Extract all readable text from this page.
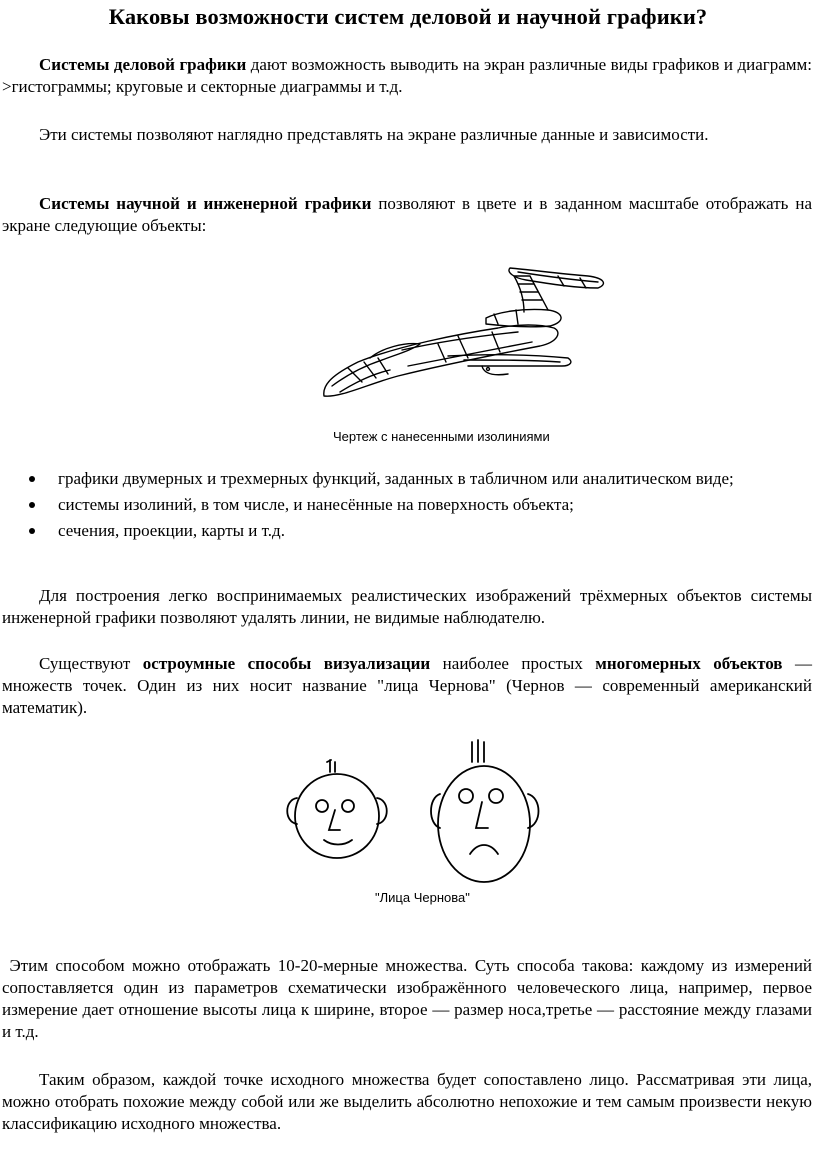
Каковы возможности систем деловой и научной графики?
Системы деловой графики дают возможность выводить на экран различные виды графиков и диаграмм: >гистограммы; круговые и секторные диаграммы и т.д.
Эти системы позволяют наглядно представлять на экране различные данные и зависимости.
Системы научной и инженерной графики позволяют в цвете и в заданном масштабе отображать на экране следующие объекты:
Чертеж с нанесенными изолиниями
графики двумерных и трехмерных функций, заданных в табличном или аналитическом виде;
системы изолиний, в том числе, и нанесённые на поверхность объекта;
сечения, проекции, карты и т.д.
Для построения легко воспринимаемых реалистических изображений трёхмерных объектов системы инженерной графики позволяют удалять линии, не видимые наблюдателю.
Существуют остроумные способы визуализации наиболее простых многомерных объектов — множеств точек. Один из них носит название "лица Чернова" (Чернов — современный американский математик).
"Лица Чернова"
Этим способом можно отображать 10-20-мерные множества. Суть способа такова: каждому из измерений сопоставляется один из параметров схематически изображённого человеческого лица, например, первое измерение дает отношение высоты лица к ширине, второе — размер носа,третье — расстояние между глазами и т.д.
Таким образом, каждой точке исходного множества будет сопоставлено лицо. Рассматривая эти лица, можно отобрать похожие между собой или же выделить абсолютно непохожие и тем самым произвести некую классификацию исходного множества.
